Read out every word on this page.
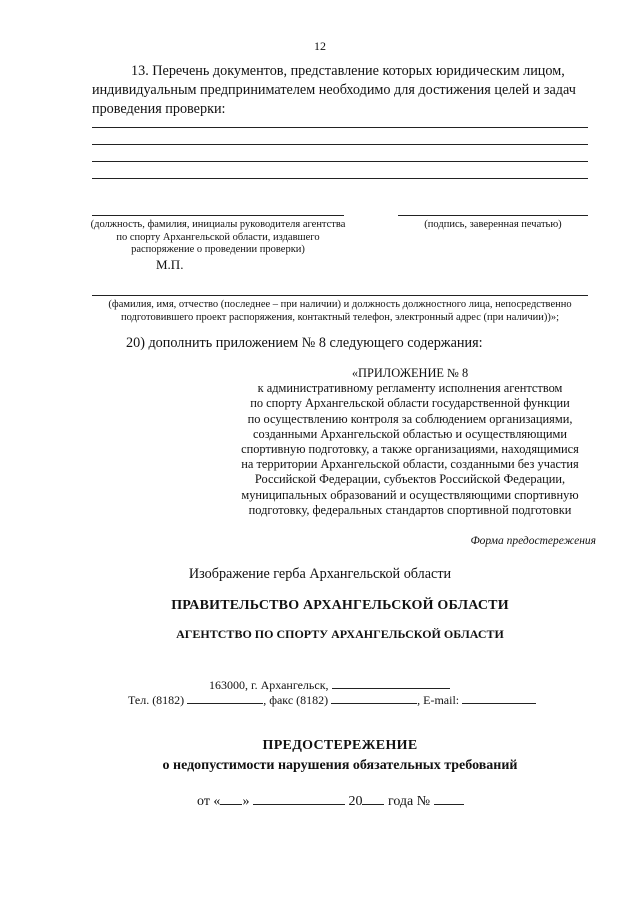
12
13. Перечень документов, представление которых юридическим лицом,
индивидуальным предпринимателем необходимо для достижения целей и задач
проведения проверки:
(должность, фамилия, инициалы руководителя агентства по спорту Архангельской области, издавшего распоряжение о проведении проверки)
(подпись, заверенная печатью)
М.П.
(фамилия, имя, отчество (последнее – при наличии) и должность должностного лица, непосредственно подготовившего проект распоряжения, контактный телефон, электронный адрес (при наличии))»;
20) дополнить приложением № 8 следующего содержания:
«ПРИЛОЖЕНИЕ № 8
к административному регламенту исполнения агентством
по спорту Архангельской области государственной функции
по осуществлению контроля за соблюдением организациями,
созданными Архангельской областью и осуществляющими
спортивную подготовку, а также организациями, находящимися
на территории Архангельской области, созданными без участия
Российской Федерации, субъектов Российской Федерации,
муниципальных образований и осуществляющими спортивную
подготовку, федеральных стандартов спортивной подготовки
Форма предостережения
Изображение герба Архангельской области
ПРАВИТЕЛЬСТВО АРХАНГЕЛЬСКОЙ ОБЛАСТИ
АГЕНТСТВО ПО СПОРТУ АРХАНГЕЛЬСКОЙ ОБЛАСТИ
163000, г. Архангельск,
Тел. (8182)	, факс (8182)	, E-mail:
ПРЕДОСТЕРЕЖЕНИЕ
о недопустимости нарушения обязательных требований
от « »	20 года №
